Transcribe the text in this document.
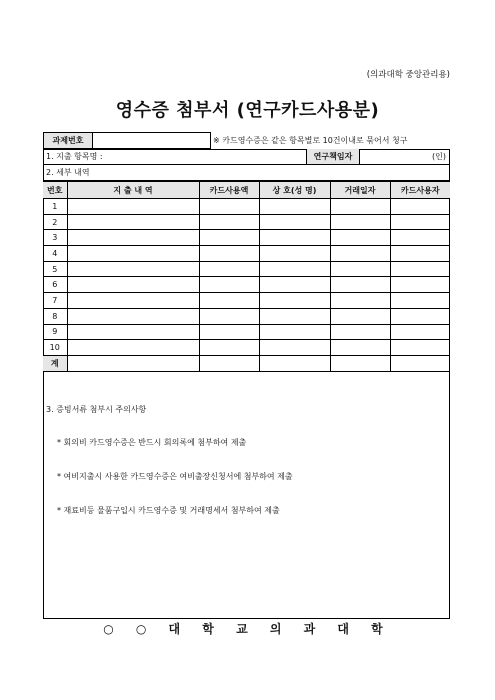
(의과대학 중앙관리용)
영수증 첨부서 (연구카드사용분)
과제번호	※ 카드영수증은 같은 항목별로 10건이내로 묶어서 청구
1. 지출 항목명 :	연구책임자	(인)
2. 세부 내역
번호	지 출 내 역	카드사용액	상 호(성 명)	거래일자	카드사용자
1					
2					
3					
4					
5					
6					
7					
8					
9					
10					
계					
3. 증빙서류 첨부시 주의사항
* 회의비 카드영수증은 반드시 회의록에 첨부하여 제출
* 여비지출시 사용한 카드영수증은 여비출장신청서에 첨부하여 제출
* 재료비등 물품구입시 카드영수증 및 거래명세서 첨부하여 제출
○ ○ 대 학 교 의 과 대 학
